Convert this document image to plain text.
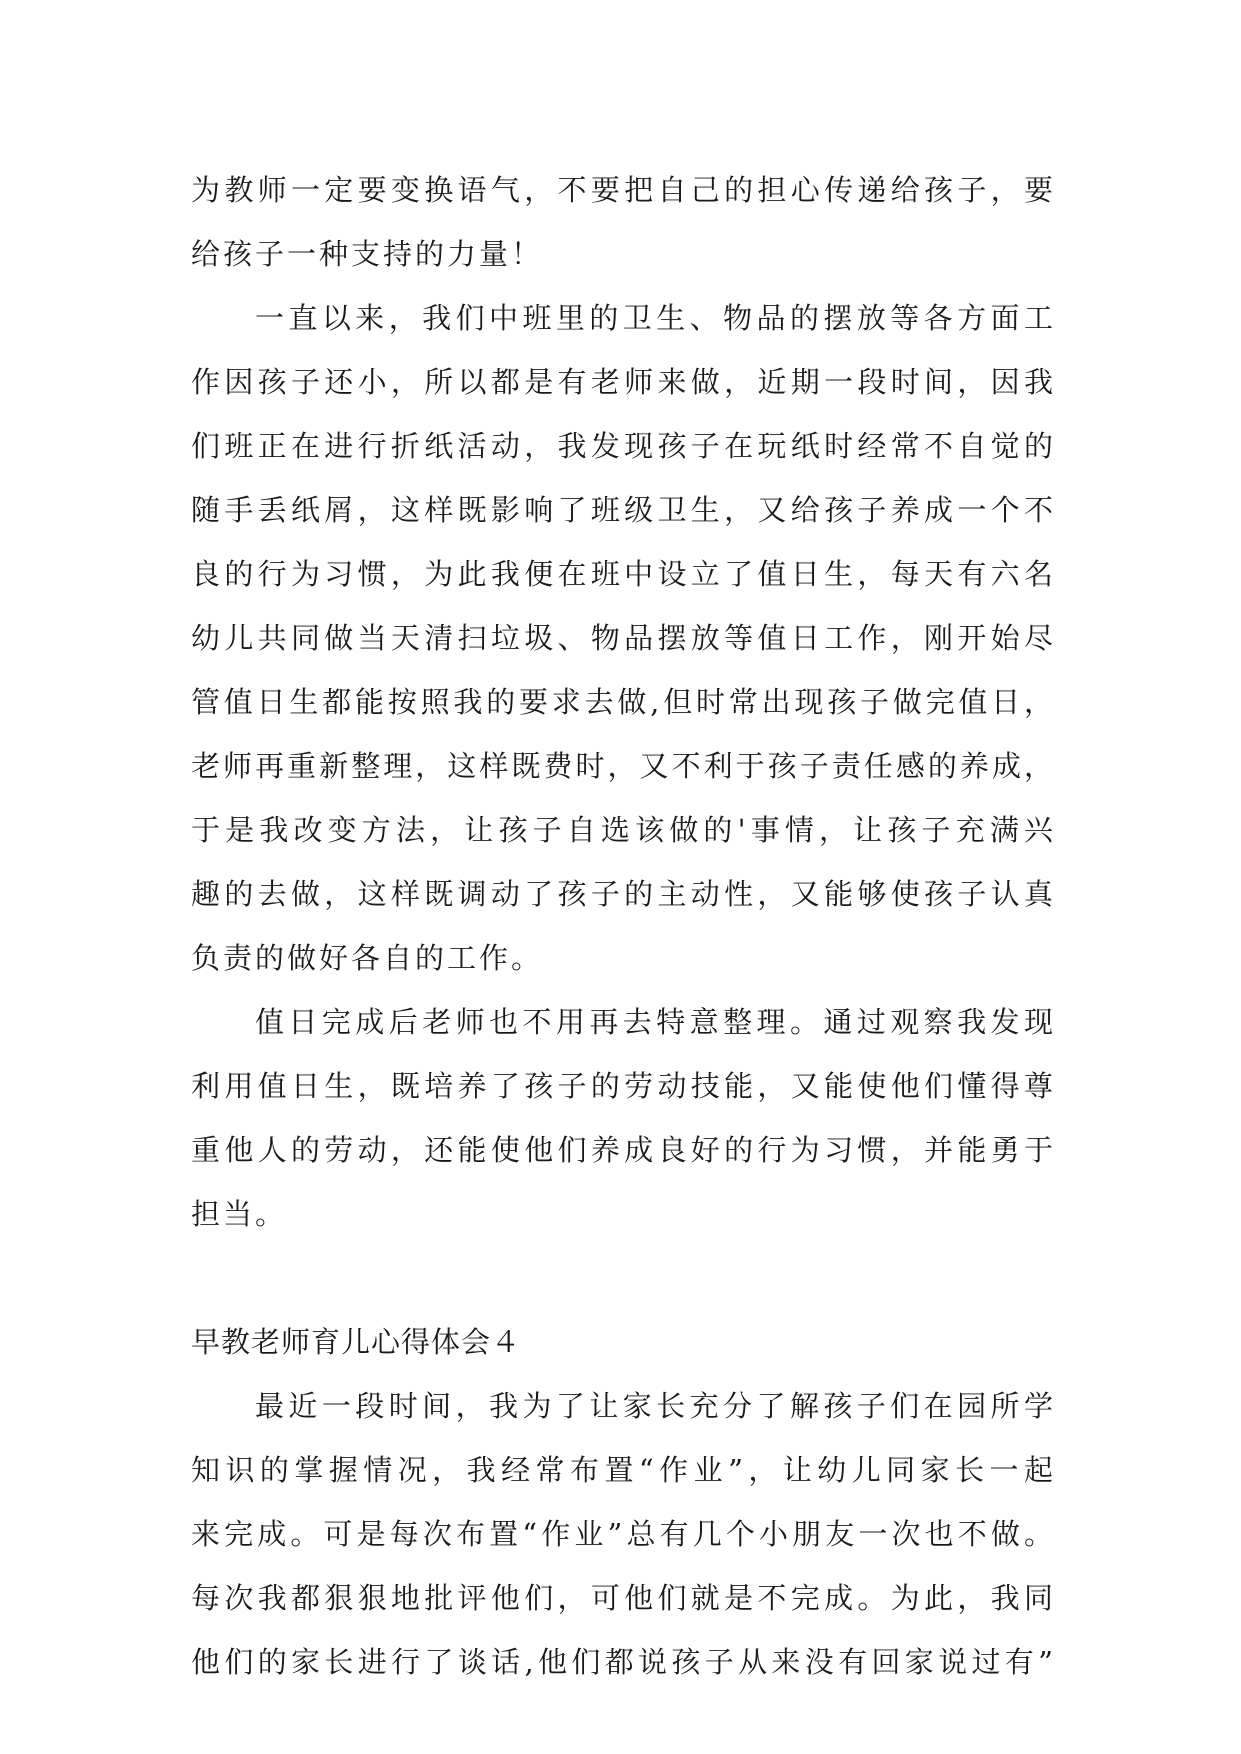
为教师一定要变换语气，不要把自己的担心传递给孩子，要
给孩子一种支持的力量！
一直以来，我们中班里的卫生、物品的摆放等各方面工
作因孩子还小，所以都是有老师来做，近期一段时间，因我
们班正在进行折纸活动，我发现孩子在玩纸时经常不自觉的
随手丢纸屑，这样既影响了班级卫生，又给孩子养成一个不
良的行为习惯，为此我便在班中设立了值日生，每天有六名
幼儿共同做当天清扫垃圾、物品摆放等值日工作，刚开始尽
管值日生都能按照我的要求去做,但时常出现孩子做完值日，
老师再重新整理，这样既费时，又不利于孩子责任感的养成，
于是我改变方法，让孩子自选该做的'事情，让孩子充满兴
趣的去做，这样既调动了孩子的主动性，又能够使孩子认真
负责的做好各自的工作。
值日完成后老师也不用再去特意整理。通过观察我发现
利用值日生，既培养了孩子的劳动技能，又能使他们懂得尊
重他人的劳动，还能使他们养成良好的行为习惯，并能勇于
担当。
早教老师育儿心得体会４
最近一段时间，我为了让家长充分了解孩子们在园所学
知识的掌握情况，我经常布置“作业”，让幼儿同家长一起
来完成。可是每次布置“作业”总有几个小朋友一次也不做。
每次我都狠狠地批评他们，可他们就是不完成。为此，我同
他们的家长进行了谈话,他们都说孩子从来没有回家说过有”
